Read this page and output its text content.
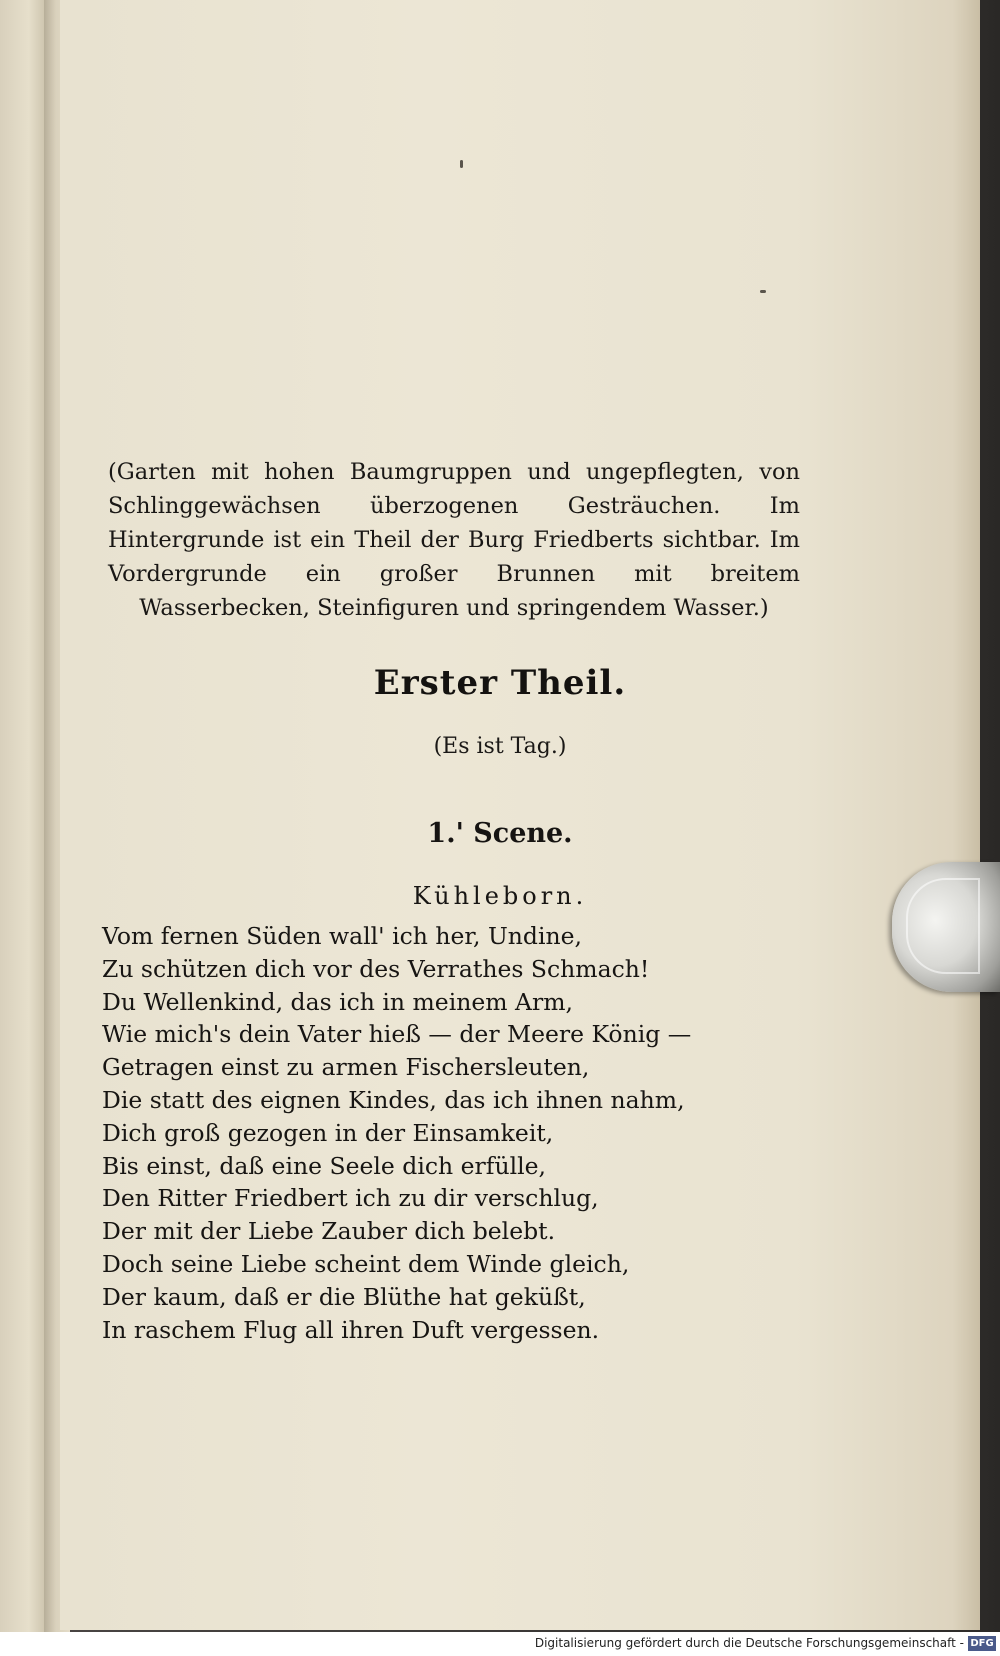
(Garten mit hohen Baumgruppen und ungepflegten, von Schlinggewächsen überzogenen Gesträuchen. Im Hintergrunde ist ein Theil der Burg Friedberts sichtbar. Im Vordergrunde ein großer Brunnen mit breitem Wasserbecken, Steinfiguren und springendem Wasser.)
Erster Theil.
(Es ist Tag.)
1.' Scene.
Kühleborn.
Vom fernen Süden wall' ich her, Undine,
Zu schützen dich vor des Verrathes Schmach!
Du Wellenkind, das ich in meinem Arm,
Wie mich's dein Vater hieß — der Meere König —
Getragen einst zu armen Fischersleuten,
Die statt des eignen Kindes, das ich ihnen nahm,
Dich groß gezogen in der Einsamkeit,
Bis einst, daß eine Seele dich erfülle,
Den Ritter Friedbert ich zu dir verschlug,
Der mit der Liebe Zauber dich belebt.
Doch seine Liebe scheint dem Winde gleich,
Der kaum, daß er die Blüthe hat geküßt,
In raschem Flug all ihren Duft vergessen.
Digitalisierung gefördert durch die Deutsche Forschungsgemeinschaft - DFG
